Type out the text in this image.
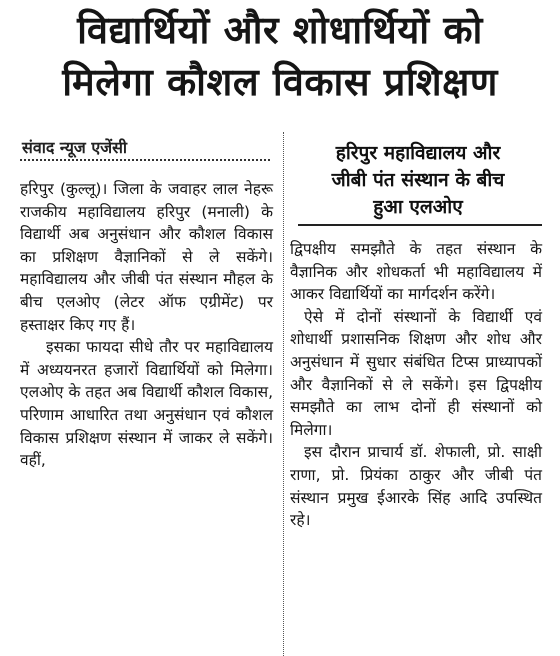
विद्यार्थियों और शोधार्थियों को
मिलेगा कौशल विकास प्रशिक्षण
संवाद न्यूज एजेंसी

हरिपुर (कुल्लू)। जिला के जवाहर लाल नेहरू राजकीय महाविद्यालय हरिपुर (मनाली) के विद्यार्थी अब अनुसंधान और कौशल विकास का प्रशिक्षण वैज्ञानिकों से ले सकेंगे। महाविद्यालय और जीबी पंत संस्थान मौहल के बीच एलओए (लेटर ऑफ एग्रीमेंट) पर हस्ताक्षर किए गए हैं।

इसका फायदा सीधे तौर पर महाविद्यालय में अध्ययनरत हजारों विद्यार्थियों को मिलेगा। एलओए के तहत अब विद्यार्थी कौशल विकास, परिणाम आधारित तथा अनुसंधान एवं कौशल विकास प्रशिक्षण संस्थान में जाकर ले सकेंगे। वहीं,

हरिपुर महाविद्यालय और
जीबी पंत संस्थान के बीच
हुआ एलओए

द्विपक्षीय समझौते के तहत संस्थान के वैज्ञानिक और शोधकर्ता भी महाविद्यालय में आकर विद्यार्थियों का मार्गदर्शन करेंगे।

ऐसे में दोनों संस्थानों के विद्यार्थी एवं शोधार्थी प्रशासनिक शिक्षण और शोध और अनुसंधान में सुधार संबंधित टिप्स प्राध्यापकों और वैज्ञानिकों से ले सकेंगे। इस द्विपक्षीय समझौते का लाभ दोनों ही संस्थानों को मिलेगा।

इस दौरान प्राचार्य डॉ. शेफाली, प्रो. साक्षी राणा, प्रो. प्रियंका ठाकुर और जीबी पंत संस्थान प्रमुख ईआरके सिंह आदि उपस्थित रहे।
